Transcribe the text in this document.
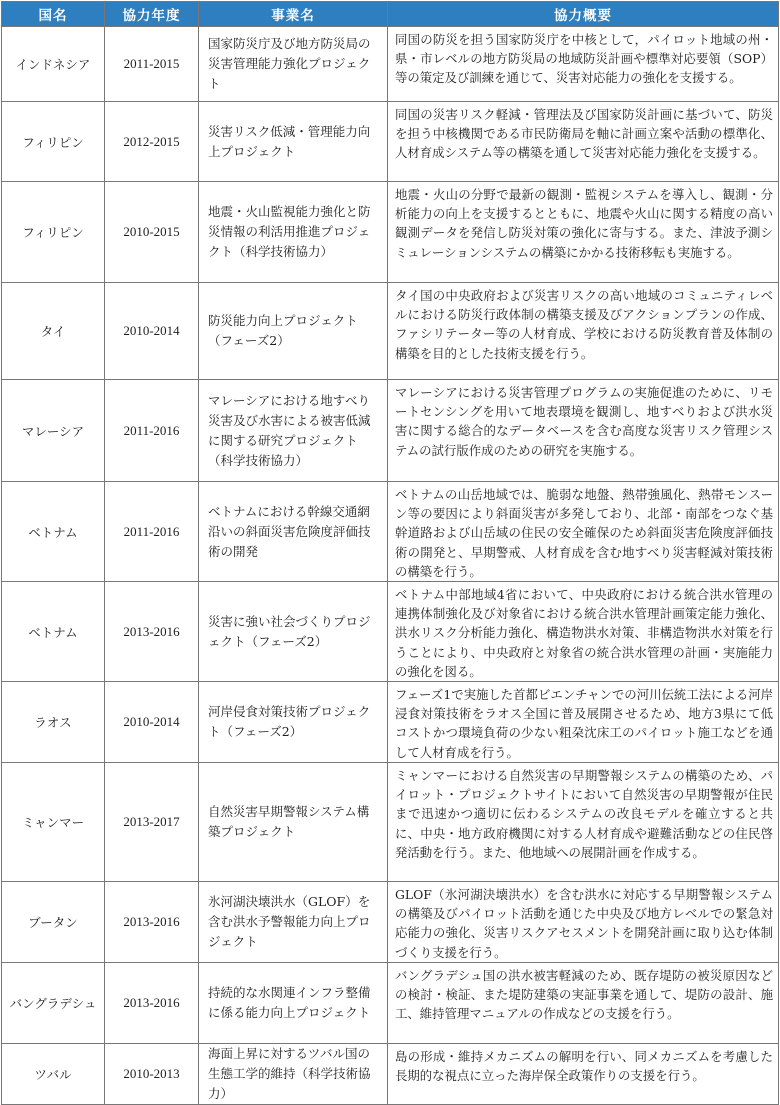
国名	協力年度	事業名	協力概要
インドネシア	2011-2015	国家防災庁及び地方防災局の災害管理能力強化プロジェクト	同国の防災を担う国家防災庁を中核として，パイロット地域の州・県・市レベルの地方防災局の地域防災計画や標準対応要領（SOP）等の策定及び訓練を通じて、災害対応能力の強化を支援する。

フィリピン	2012-2015	災害リスク低減・管理能力向上プロジェクト	同国の災害リスク軽減・管理法及び国家防災計画に基づいて、防災を担う中核機関である市民防衛局を軸に計画立案や活動の標準化、人材育成システム等の構築を通して災害対応能力強化を支援する。

フィリピン	2010-2015	地震・火山監視能力強化と防災情報の利活用推進プロジェクト（科学技術協力）	地震・火山の分野で最新の観測・監視システムを導入し、観測・分析能力の向上を支援するとともに、地震や火山に関する精度の高い観測データを発信し防災対策の強化に寄与する。また、津波予測シミュレーションシステムの構築にかかる技術移転も実施する。

タイ	2010-2014	防災能力向上プロジェクト（フェーズ2）	タイ国の中央政府および災害リスクの高い地域のコミュニティレベルにおける防災行政体制の構築支援及びアクションプランの作成、ファシリテーター等の人材育成、学校における防災教育普及体制の構築を目的とした技術支援を行う。

マレーシア	2011-2016	マレーシアにおける地すべり災害及び水害による被害低減に関する研究プロジェクト（科学技術協力）	マレーシアにおける災害管理プログラムの実施促進のために、リモートセンシングを用いて地表環境を観測し、地すべりおよび洪水災害に関する総合的なデータベースを含む高度な災害リスク管理システムの試行版作成のための研究を実施する。

ベトナム	2011-2016	ベトナムにおける幹線交通網沿いの斜面災害危険度評価技術の開発	ベトナムの山岳地域では、脆弱な地盤、熱帯強風化、熱帯モンスーン等の要因により斜面災害が多発しており、北部・南部をつなぐ基幹道路および山岳域の住民の安全確保のため斜面災害危険度評価技術の開発と、早期警戒、人材育成を含む地すべり災害軽減対策技術の構築を行う。

ベトナム	2013-2016	災害に強い社会づくりプロジェクト（フェーズ2）	ベトナム中部地域4省において、中央政府における統合洪水管理の連携体制強化及び対象省における統合洪水管理計画策定能力強化、洪水リスク分析能力強化、構造物洪水対策、非構造物洪水対策を行うことにより、中央政府と対象省の統合洪水管理の計画・実施能力の強化を図る。

ラオス	2010-2014	河岸侵食対策技術プロジェクト（フェーズ2）	フェーズ1で実施した首都ビエンチャンでの河川伝統工法による河岸浸食対策技術をラオス全国に普及展開させるため、地方3県にて低コストかつ環境負荷の少ない粗朶沈床工のパイロット施工などを通して人材育成を行う。

ミャンマー	2013-2017	自然災害早期警報システム構築プロジェクト	ミャンマーにおける自然災害の早期警報システムの構築のため、パイロット・プロジェクトサイトにおいて自然災害の早期警報が住民まで迅速かつ適切に伝わるシステムの改良モデルを確立すると共に、中央・地方政府機関に対する人材育成や避難活動などの住民啓発活動を行う。また、他地域への展開計画を作成する。

ブータン	2013-2016	氷河湖決壊洪水（GLOF）を含む洪水予警報能力向上プロジェクト	GLOF（氷河湖決壊洪水）を含む洪水に対応する早期警報システムの構築及びパイロット活動を通じた中央及び地方レベルでの緊急対応能力の強化、災害リスクアセスメントを開発計画に取り込む体制づくり支援を行う。

バングラデシュ	2013-2016	持続的な水関連インフラ整備に係る能力向上プロジェクト	バングラデシュ国の洪水被害軽減のため、既存堤防の被災原因などの検討・検証、また堤防建築の実証事業を通して、堤防の設計、施工、維持管理マニュアルの作成などの支援を行う。

ツバル	2010-2013	海面上昇に対するツバル国の生態工学的維持（科学技術協力）	島の形成・維持メカニズムの解明を行い、同メカニズムを考慮した長期的な視点に立った海岸保全政策作りの支援を行う。
